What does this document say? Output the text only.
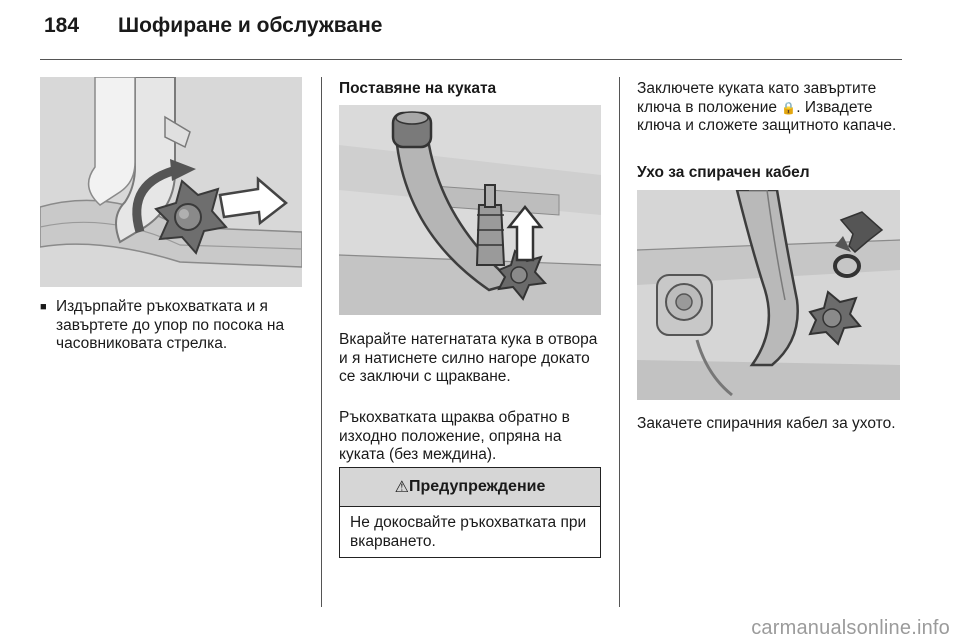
184 Шофиране и обслужване
■ Издърпайте ръкохватката и я завъртете до упор по посока на часовниковата стрелка.
Поставяне на куката
Вкарайте натегнатата кука в отвора и я натиснете силно нагоре докато се заключи с щракване.
Ръкохватката щраква обратно в изходно положение, опряна на куката (без междина).
⚠ Предупреждение
Не докосвайте ръкохватката при вкарването.
Заключете куката като завъртите ключа в положение 🔒. Извадете ключа и сложете защитното капаче.
Ухо за спирачен кабел
Закачете спирачния кабел за ухото.
carmanualsonline.info
